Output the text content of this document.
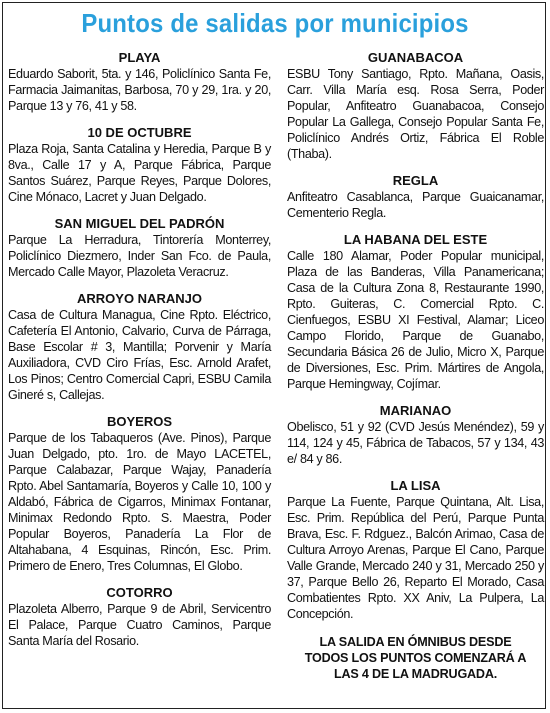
Puntos de salidas por municipios
PLAYA
Eduardo Saborit, 5ta. y 146, Policlínico Santa Fe, Farmacia Jaimanitas, Barbosa, 70 y 29, 1ra. y 20, Parque 13 y 76, 41 y 58.
10 DE OCTUBRE
Plaza Roja, Santa Catalina y Heredia, Parque B y 8va., Calle 17 y A, Parque Fábrica, Parque Santos Suárez, Parque Reyes, Parque Dolores, Cine Mónaco, Lacret y Juan Delgado.
SAN MIGUEL DEL PADRÓN
Parque La Herradura, Tintorería Monterrey, Policlínico Diezmero, Inder San Fco. de Paula, Mercado Calle Mayor, Plazoleta Veracruz.
ARROYO NARANJO
Casa de Cultura Managua, Cine Rpto. Eléctrico, Cafetería El Antonio, Calvario, Curva de Párraga, Base Escolar # 3, Mantilla; Porvenir y María Auxiliadora, CVD Ciro Frías, Esc. Arnold Arafet, Los Pinos; Centro Comercial Capri, ESBU Camila Gineré s, Callejas.
BOYEROS
Parque de los Tabaqueros (Ave. Pinos), Parque Juan Delgado, pto. 1ro. de Mayo LACETEL, Parque Calabazar, Parque Wajay, Panadería Rpto. Abel Santamaría, Boyeros y Calle 10, 100 y Aldabó, Fábrica de Cigarros, Minimax Fontanar, Minimax Redondo Rpto. S. Maestra, Poder Popular Boyeros, Panadería La Flor de Altahabana, 4 Esquinas, Rincón, Esc. Prim. Primero de Enero, Tres Columnas, El Globo.
COTORRO
Plazoleta Alberro, Parque 9 de Abril, Servicentro El Palace, Parque Cuatro Caminos, Parque Santa María del Rosario.
GUANABACOA
ESBU Tony Santiago, Rpto. Mañana, Oasis, Carr. Villa María esq. Rosa Serra, Poder Popular, Anfiteatro Guanabacoa, Consejo Popular La Gallega, Consejo Popular Santa Fe, Policlínico Andrés Ortiz, Fábrica El Roble (Thaba).
REGLA
Anfiteatro Casablanca, Parque Guaicanamar, Cementerio Regla.
LA HABANA DEL ESTE
Calle 180 Alamar, Poder Popular municipal, Plaza de las Banderas, Villa Panamericana; Casa de la Cultura Zona 8, Restaurante 1990, Rpto. Guiteras, C. Comercial Rpto. C. Cienfuegos, ESBU XI Festival, Alamar; Liceo Campo Florido, Parque de Guanabo, Secundaria Básica 26 de Julio, Micro X, Parque de Diversiones, Esc. Prim. Mártires de Angola, Parque Hemingway, Cojímar.
MARIANAO
Obelisco, 51 y 92 (CVD Jesús Menéndez), 59 y 114, 124 y 45, Fábrica de Tabacos, 57 y 134, 43 e/ 84 y 86.
LA LISA
Parque La Fuente, Parque Quintana, Alt. Lisa, Esc. Prim. República del Perú, Parque Punta Brava, Esc. F. Rdguez., Balcón Arimao, Casa de Cultura Arroyo Arenas, Parque El Cano, Parque Valle Grande, Mercado 240 y 31, Mercado 250 y 37, Parque Bello 26, Reparto El Morado, Casa Combatientes Rpto. XX Aniv, La Pulpera, La Concepción.
LA SALIDA EN ÓMNIBUS DESDE
TODOS LOS PUNTOS COMENZARÁ A
LAS 4 DE LA MADRUGADA.
